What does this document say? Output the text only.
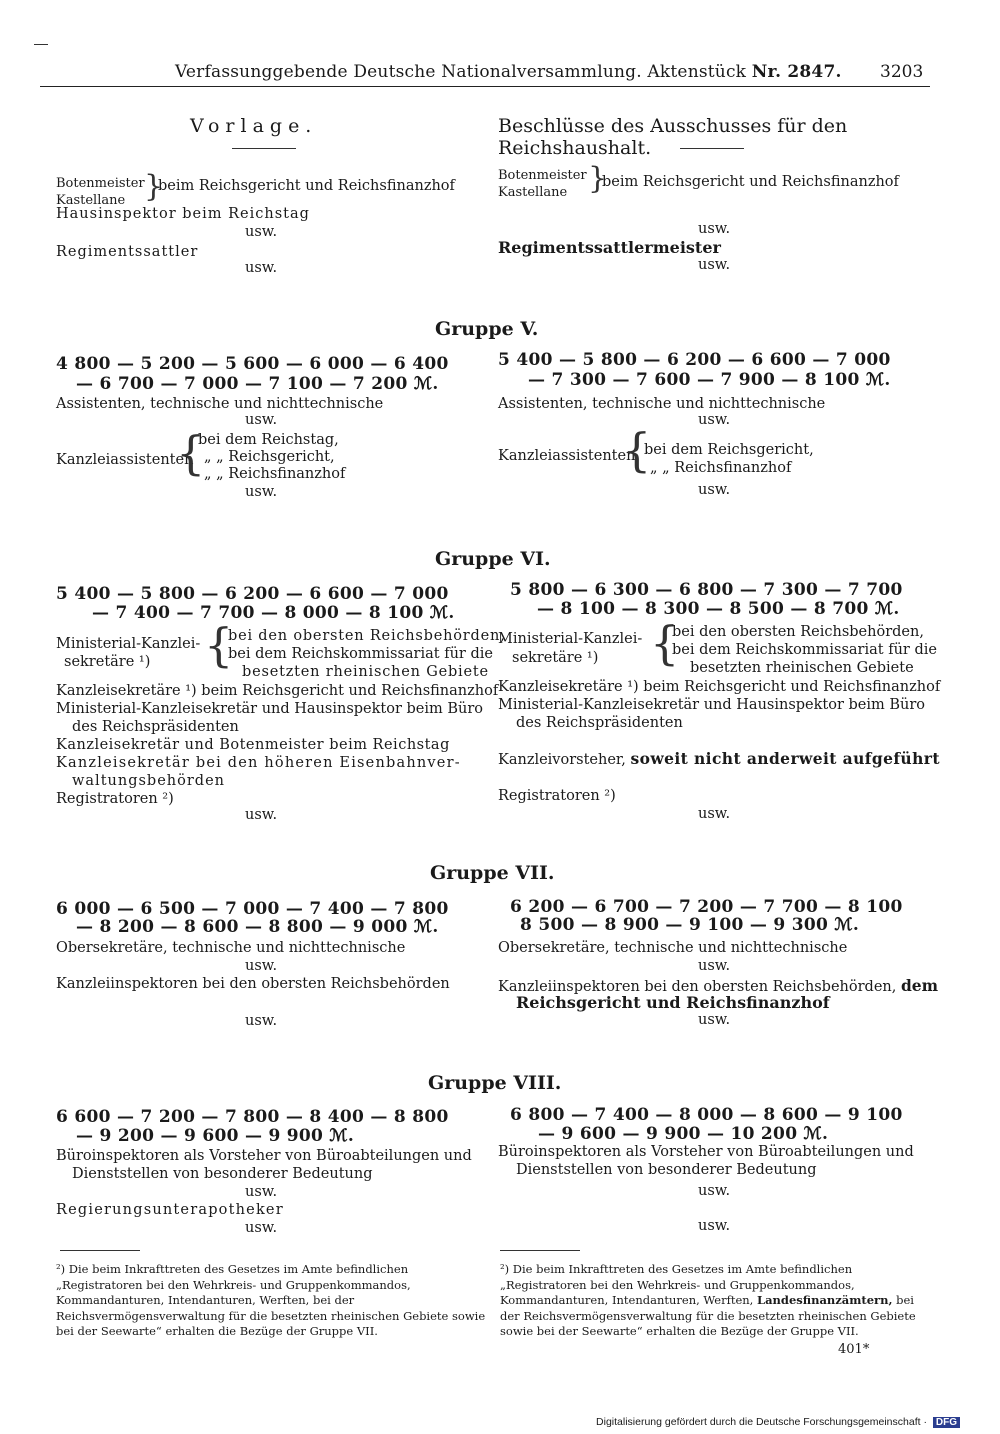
Verfassunggebende Deutsche Nationalversammlung. Aktenstück Nr. 2847. 3203
Vorlage.	Beschlüsse des Ausschusses für den Reichshaushalt.
Botenmeister
Kastellane }
beim Reichsgericht und Reichsfinanzhof
Hausinspektor beim Reichstag
usw.
Regimentssattler
usw.
Botenmeister
Kastellane }
beim Reichsgericht und Reichsfinanzhof
usw.
Regimentssattlermeister
usw.
Gruppe V.
4 800 — 5 200 — 5 600 — 6 000 — 6 400
— 6 700 — 7 000 — 7 100 — 7 200 ℳ.
5 400 — 5 800 — 6 200 — 6 600 — 7 000
— 7 300 — 7 600 — 7 900 — 8 100 ℳ.
Assistenten, technische und nichttechnische
usw.
Assistenten, technische und nichttechnische
usw.
Kanzleiassistenten
{
bei dem Reichstag,
„ „ Reichsgericht,
„ „ Reichsfinanzhof
usw.
Kanzleiassistenten
{
bei dem Reichsgericht,
„ „ Reichsfinanzhof
usw.
Gruppe VI.
5 400 — 5 800 — 6 200 — 6 600 — 7 000
— 7 400 — 7 700 — 8 000 — 8 100 ℳ.
5 800 — 6 300 — 6 800 — 7 300 — 7 700
— 8 100 — 8 300 — 8 500 — 8 700 ℳ.
Ministerial-Kanzlei-
sekretäre ¹) {
bei den obersten Reichsbehörden,
bei dem Reichskommissariat für die
besetzten rheinischen Gebiete
Kanzleisekretäre ¹) beim Reichsgericht und Reichsfinanzhof
Ministerial-Kanzleisekretär und Hausinspektor beim Büro
des Reichspräsidenten
Kanzleisekretär und Botenmeister beim Reichstag
Kanzleisekretär bei den höheren Eisenbahnver-
waltungsbehörden
Registratoren ²)
usw.
Ministerial-Kanzlei-
sekretäre ¹) {
bei den obersten Reichsbehörden,
bei dem Reichskommissariat für die
besetzten rheinischen Gebiete
Kanzleisekretäre ¹) beim Reichsgericht und Reichsfinanzhof
Ministerial-Kanzleisekretär und Hausinspektor beim Büro
des Reichspräsidenten
Kanzleivorsteher, soweit nicht anderweit aufgeführt
Registratoren ²)
usw.
Gruppe VII.
6 000 — 6 500 — 7 000 — 7 400 — 7 800
— 8 200 — 8 600 — 8 800 — 9 000 ℳ.
6 200 — 6 700 — 7 200 — 7 700 — 8 100
8 500 — 8 900 — 9 100 — 9 300 ℳ.
Obersekretäre, technische und nichttechnische
usw.
Kanzleiinspektoren bei den obersten Reichsbehörden
usw.
Obersekretäre, technische und nichttechnische
usw.
Kanzleiinspektoren bei den obersten Reichsbehörden, dem
Reichsgericht und Reichsfinanzhof
usw.
Gruppe VIII.
6 600 — 7 200 — 7 800 — 8 400 — 8 800
— 9 200 — 9 600 — 9 900 ℳ.
6 800 — 7 400 — 8 000 — 8 600 — 9 100
— 9 600 — 9 900 — 10 200 ℳ.
Büroinspektoren als Vorsteher von Büroabteilungen und
Dienststellen von besonderer Bedeutung
usw.
Regierungsunterapotheker
usw.
Büroinspektoren als Vorsteher von Büroabteilungen und
Dienststellen von besonderer Bedeutung
usw.
usw.
²) Die beim Inkrafttreten des Gesetzes im Amte befindlichen „Registratoren bei den Wehrkreis- und Gruppenkommandos, Kommandanturen, Intendanturen, Werften, bei der Reichsvermögensverwaltung für die besetzten rheinischen Gebiete sowie bei der Seewarte“ erhalten die Bezüge der Gruppe VII.
²) Die beim Inkrafttreten des Gesetzes im Amte befindlichen „Registratoren bei den Wehrkreis- und Gruppenkommandos, Kommandanturen, Intendanturen, Werften, Landesfinanzämtern, bei der Reichsvermögensverwaltung für die besetzten rheinischen Gebiete sowie bei der Seewarte“ erhalten die Bezüge der Gruppe VII.
401*
Digitalisierung gefördert durch die Deutsche Forschungsgemeinschaft · DFG
